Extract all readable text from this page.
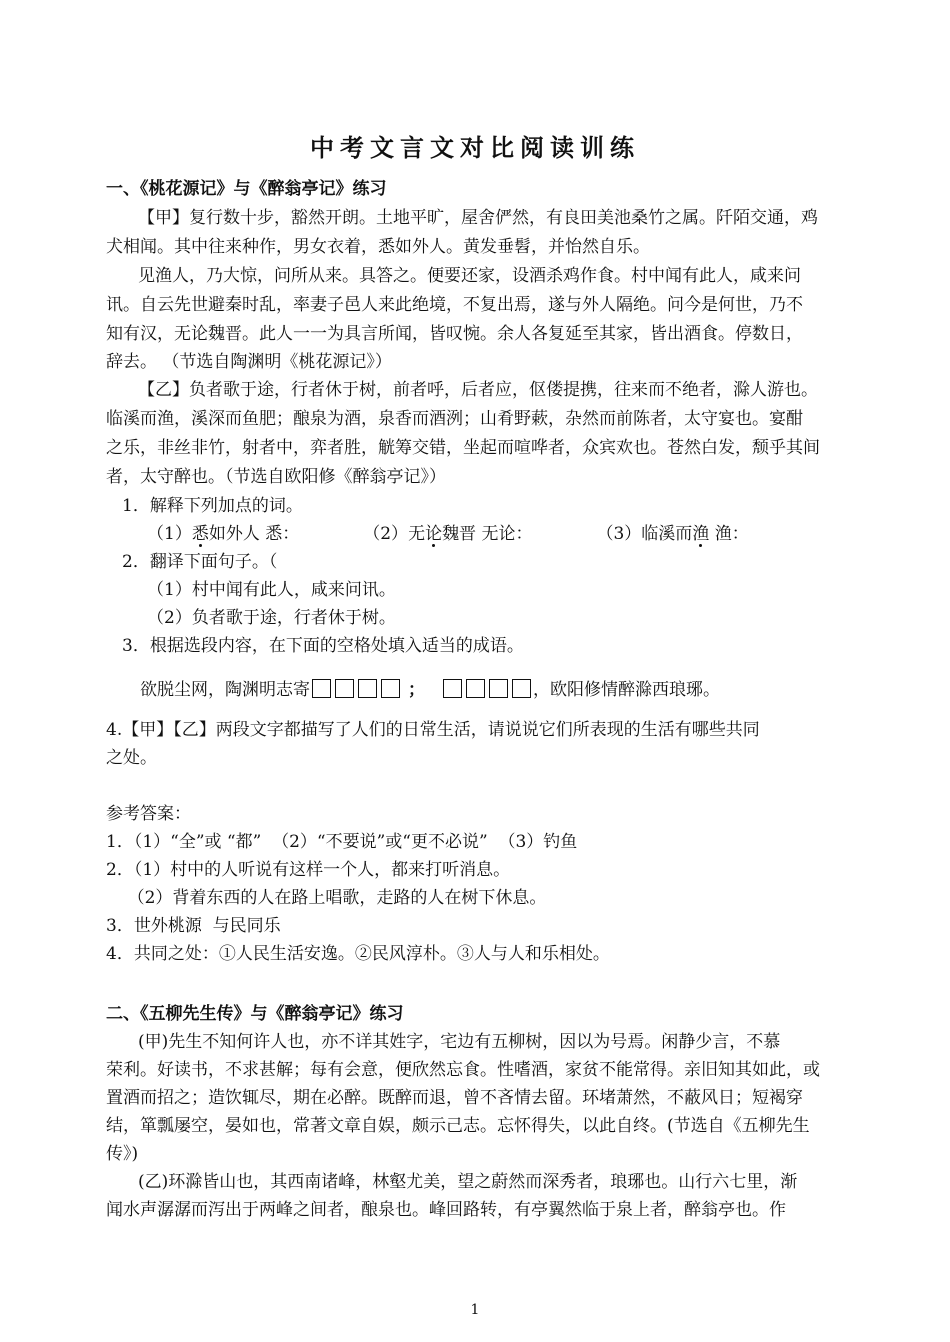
中考文言文对比阅读训练
一、《桃花源记》与《醉翁亭记》练习
【甲】复行数十步，豁然开朗。土地平旷，屋舍俨然，有良田美池桑竹之属。阡陌交通，鸡
犬相闻。其中往来种作，男女衣着，悉如外人。黄发垂髫，并怡然自乐。
见渔人，乃大惊，问所从来。具答之。便要还家，设酒杀鸡作食。村中闻有此人，咸来问
讯。自云先世避秦时乱，率妻子邑人来此绝境，不复出焉，遂与外人隔绝。问今是何世，乃不
知有汉，无论魏晋。此人一一为具言所闻，皆叹惋。余人各复延至其家，皆出酒食。停数日，
辞去。 （节选自陶渊明《桃花源记》）
【乙】负者歌于途，行者休于树，前者呼，后者应，伛偻提携，往来而不绝者，滁人游也。
临溪而渔，溪深而鱼肥；酿泉为酒，泉香而酒洌；山肴野蔌，杂然而前陈者，太守宴也。宴酣
之乐，非丝非竹，射者中，弈者胜，觥筹交错，坐起而喧哗者，众宾欢也。苍然白发，颓乎其间
者，太守醉也。（节选自欧阳修《醉翁亭记》）
1．解释下列加点的词。
（1）悉如外人 悉：	（2）无论魏晋 无论：	（3）临溪而渔 渔：
2．翻译下面句子。（
（1）村中闻有此人，咸来问讯。
（2）负者歌于途，行者休于树。
3．根据选段内容，在下面的空格处填入适当的成语。
欲脱尘网，陶渊明志寄	；	，欧阳修情醉滁西琅琊。
4.【甲】【乙】两段文字都描写了人们的日常生活，请说说它们所表现的生活有哪些共同
之处。
参考答案：
1．（1）“全”或 “都”  （2）“不要说”或“更不必说”  （3）钓鱼
2．（1）村中的人听说有这样一个人，都来打听消息。
（2）背着东西的人在路上唱歌，走路的人在树下休息。
3．世外桃源  与民同乐
4．共同之处：①人民生活安逸。②民风淳朴。③人与人和乐相处。
二、《五柳先生传》与《醉翁亭记》练习
(甲)先生不知何许人也，亦不详其姓字，宅边有五柳树，因以为号焉。闲静少言，不慕
荣利。好读书，不求甚解；每有会意，便欣然忘食。性嗜酒，家贫不能常得。亲旧知其如此，或
置酒而招之；造饮辄尽，期在必醉。既醉而退，曾不吝情去留。环堵萧然，不蔽风日；短褐穿
结，箪瓢屡空，晏如也，常著文章自娱，颇示己志。忘怀得失，以此自终。(节选自《五柳先生
传》)
(乙)环滁皆山也，其西南诸峰，林壑尤美，望之蔚然而深秀者，琅琊也。山行六七里，渐
闻水声潺潺而泻出于两峰之间者，酿泉也。峰回路转，有亭翼然临于泉上者，醉翁亭也。作
1
